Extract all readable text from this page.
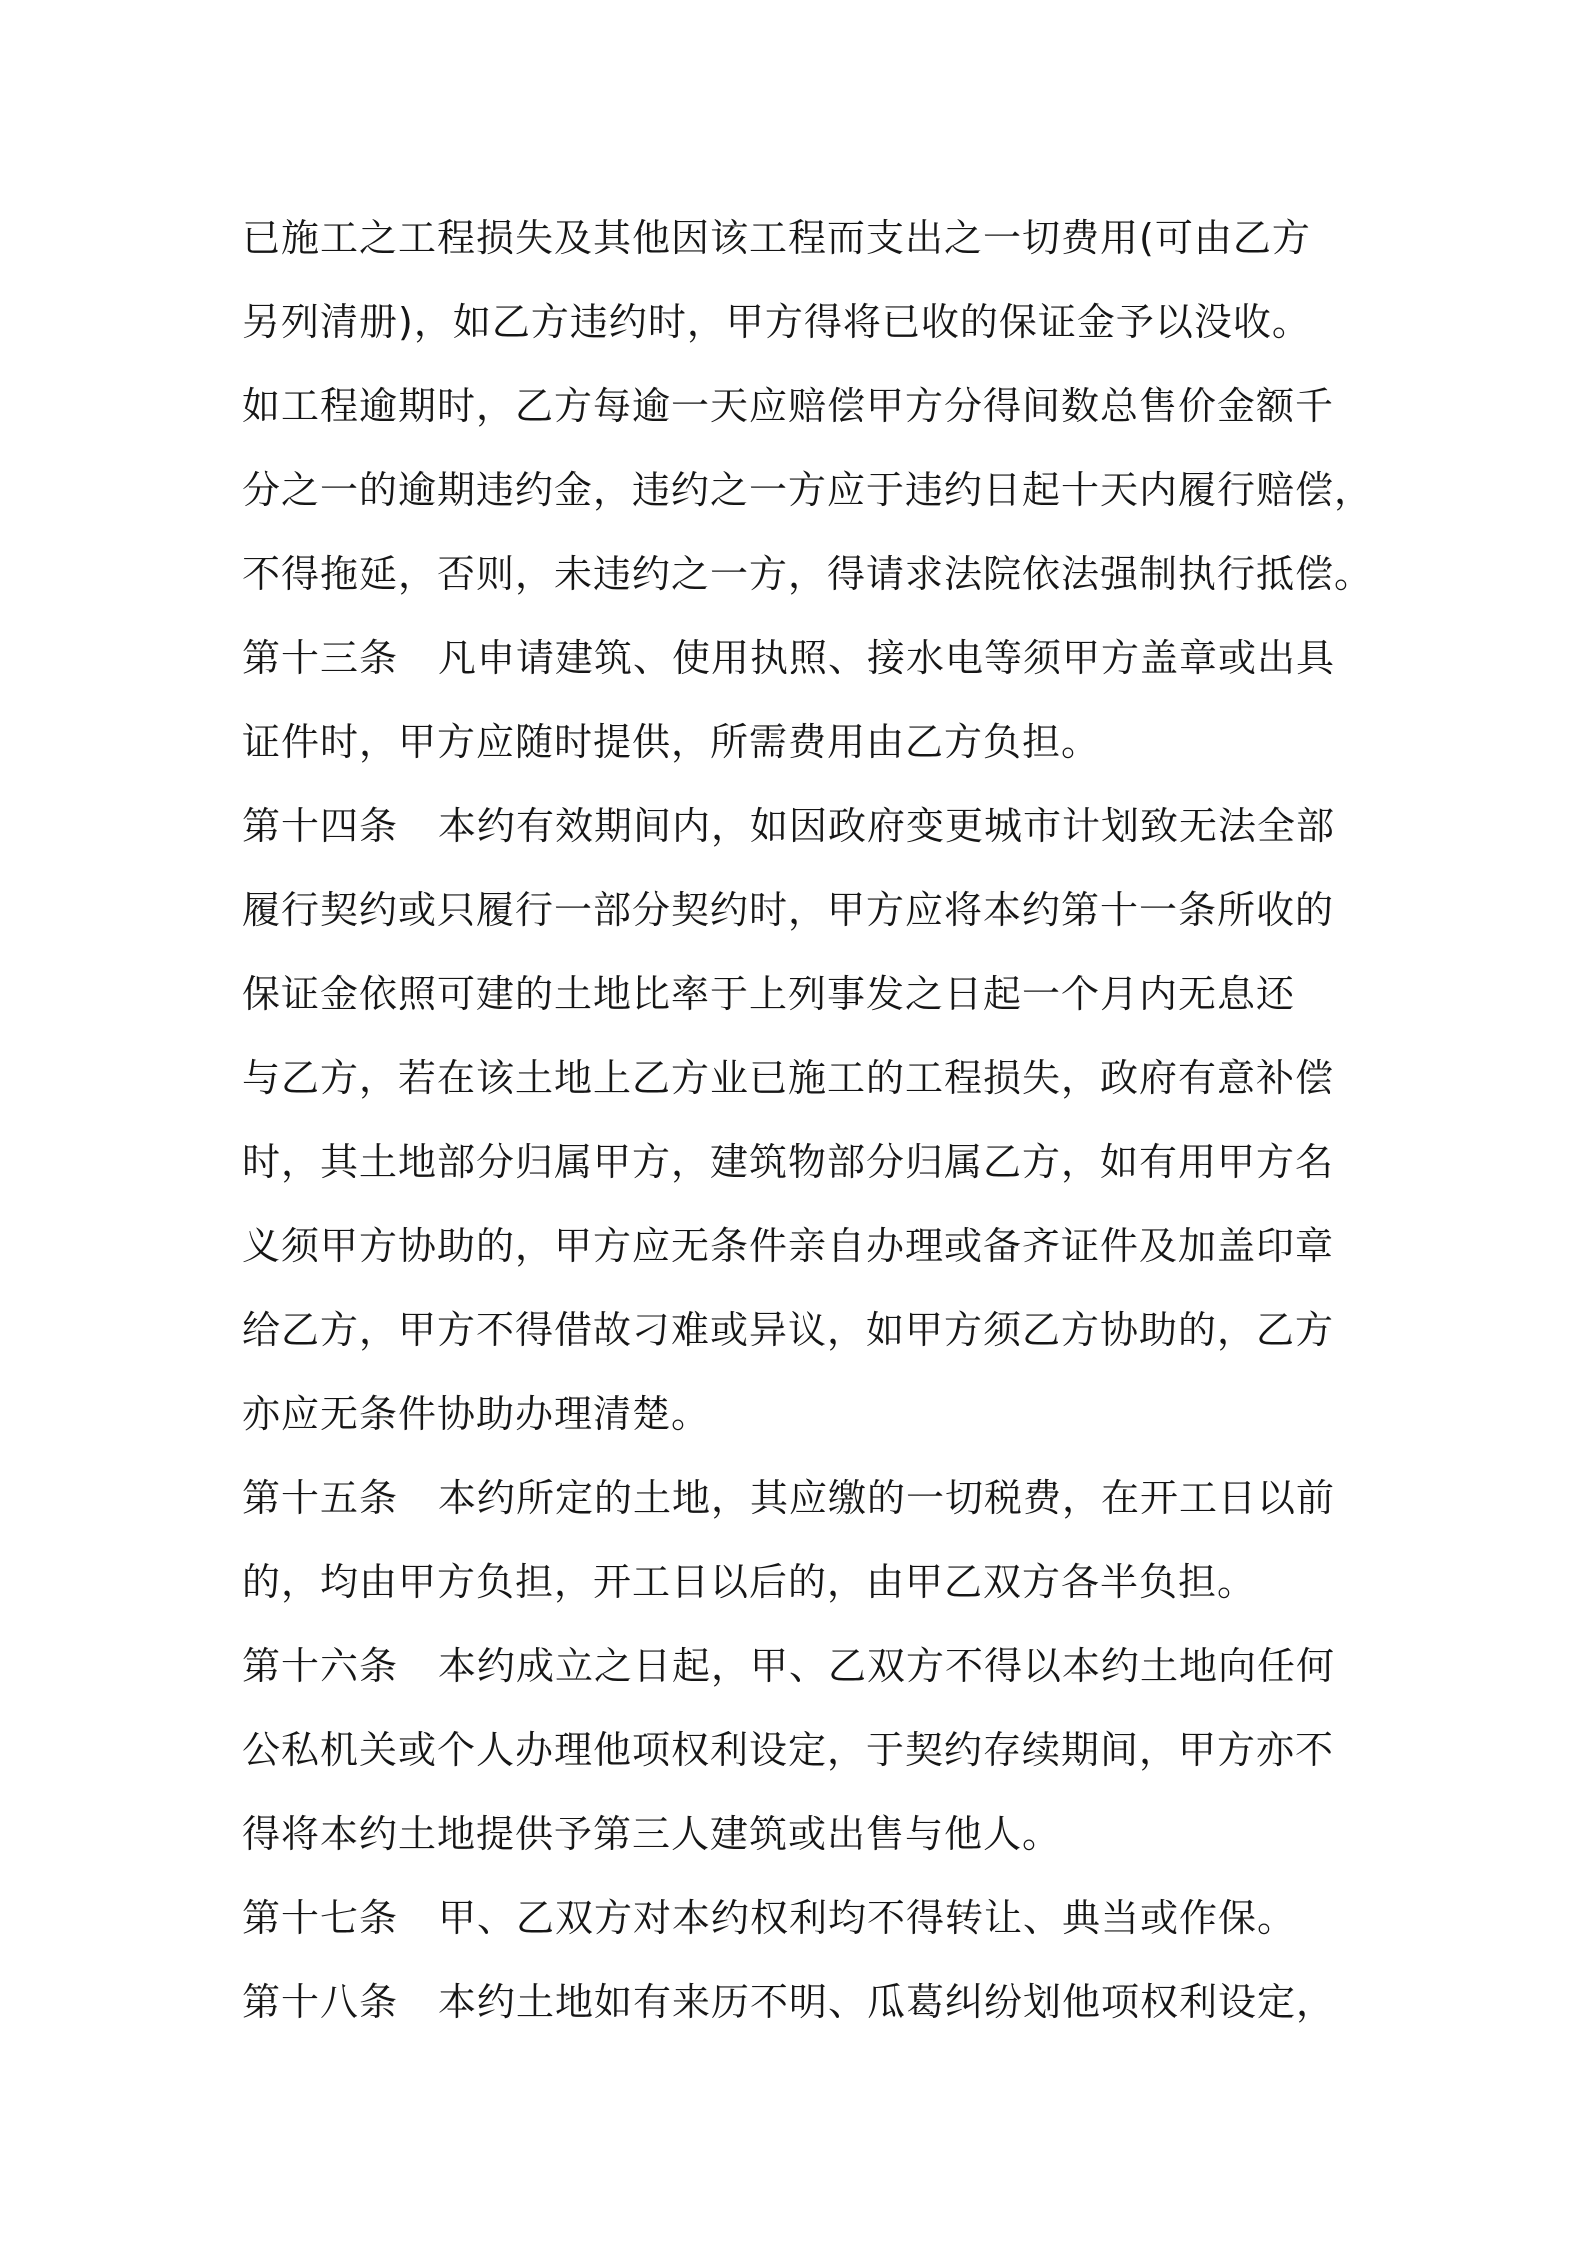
已施工之工程损失及其他因该工程而支出之一切费用(可由乙方
另列清册)，如乙方违约时，甲方得将已收的保证金予以没收。
如工程逾期时，乙方每逾一天应赔偿甲方分得间数总售价金额千
分之一的逾期违约金，违约之一方应于违约日起十天内履行赔偿，
不得拖延，否则，未违约之一方，得请求法院依法强制执行抵偿。
第十三条 凡申请建筑、使用执照、接水电等须甲方盖章或出具
证件时，甲方应随时提供，所需费用由乙方负担。
第十四条 本约有效期间内，如因政府变更城市计划致无法全部
履行契约或只履行一部分契约时，甲方应将本约第十一条所收的
保证金依照可建的土地比率于上列事发之日起一个月内无息还
与乙方，若在该土地上乙方业已施工的工程损失，政府有意补偿
时，其土地部分归属甲方，建筑物部分归属乙方，如有用甲方名
义须甲方协助的，甲方应无条件亲自办理或备齐证件及加盖印章
给乙方，甲方不得借故刁难或异议，如甲方须乙方协助的，乙方
亦应无条件协助办理清楚。
第十五条 本约所定的土地，其应缴的一切税费，在开工日以前
的，均由甲方负担，开工日以后的，由甲乙双方各半负担。
第十六条 本约成立之日起，甲、乙双方不得以本约土地向任何
公私机关或个人办理他项权利设定，于契约存续期间，甲方亦不
得将本约土地提供予第三人建筑或出售与他人。
第十七条 甲、乙双方对本约权利均不得转让、典当或作保。
第十八条 本约土地如有来历不明、瓜葛纠纷划他项权利设定，
